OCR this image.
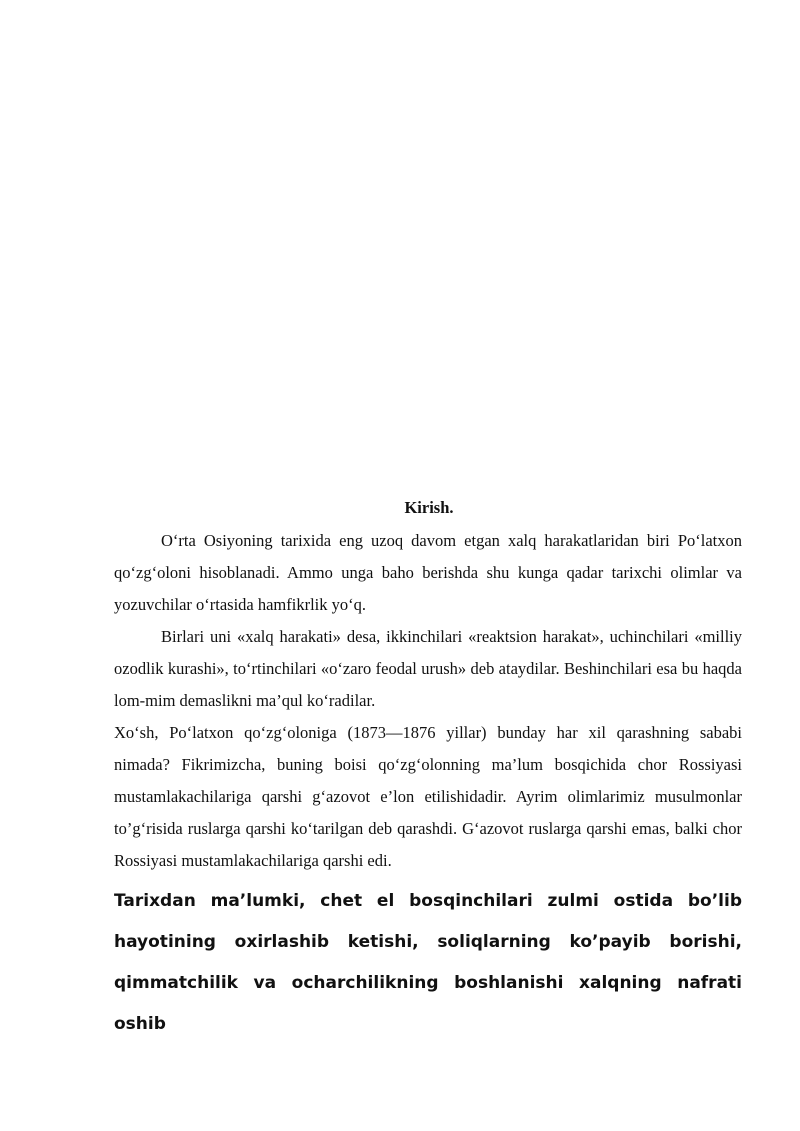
Kirish.

O‘rta Osiyoning tarixida eng uzoq davom etgan xalq harakatlaridan biri Po‘latxon qo‘zg‘oloni hisoblanadi. Ammo unga baho berishda shu kunga qadar tarixchi olimlar va yozuvchilar o‘rtasida hamfikrlik yo‘q.

Birlari uni «xalq harakati» desa, ikkinchilari «reaktsion harakat», uchinchilari «milliy ozodlik kurashi», to‘rtinchilari «o‘zaro feodal urush» deb ataydilar. Beshinchilari esa bu haqda lom-mim demaslikni ma’qul ko‘radilar.

Xo‘sh, Po‘latxon qo‘zg‘oloniga (1873—1876 yillar) bunday har xil qarashning sababi nimada? Fikrimizcha, buning boisi qo‘zg‘olonning ma’lum bosqichida chor Rossiyasi mustamlakachilariga qarshi g‘azovot e’lon etilishidadir. Ayrim olimlarimiz musulmonlar to’g‘risida ruslarga qarshi ko‘tarilgan deb qarashdi. G‘azovot ruslarga qarshi emas, balki chor Rossiyasi mustamlakachilariga qarshi edi.

Tarixdan ma’lumki, chet el bosqinchilari zulmi ostida bo’lib hayotining oxirlashib ketishi, soliqlarning ko’payib borishi, qimmatchilik va ocharchilikning boshlanishi xalqning nafrati oshib
